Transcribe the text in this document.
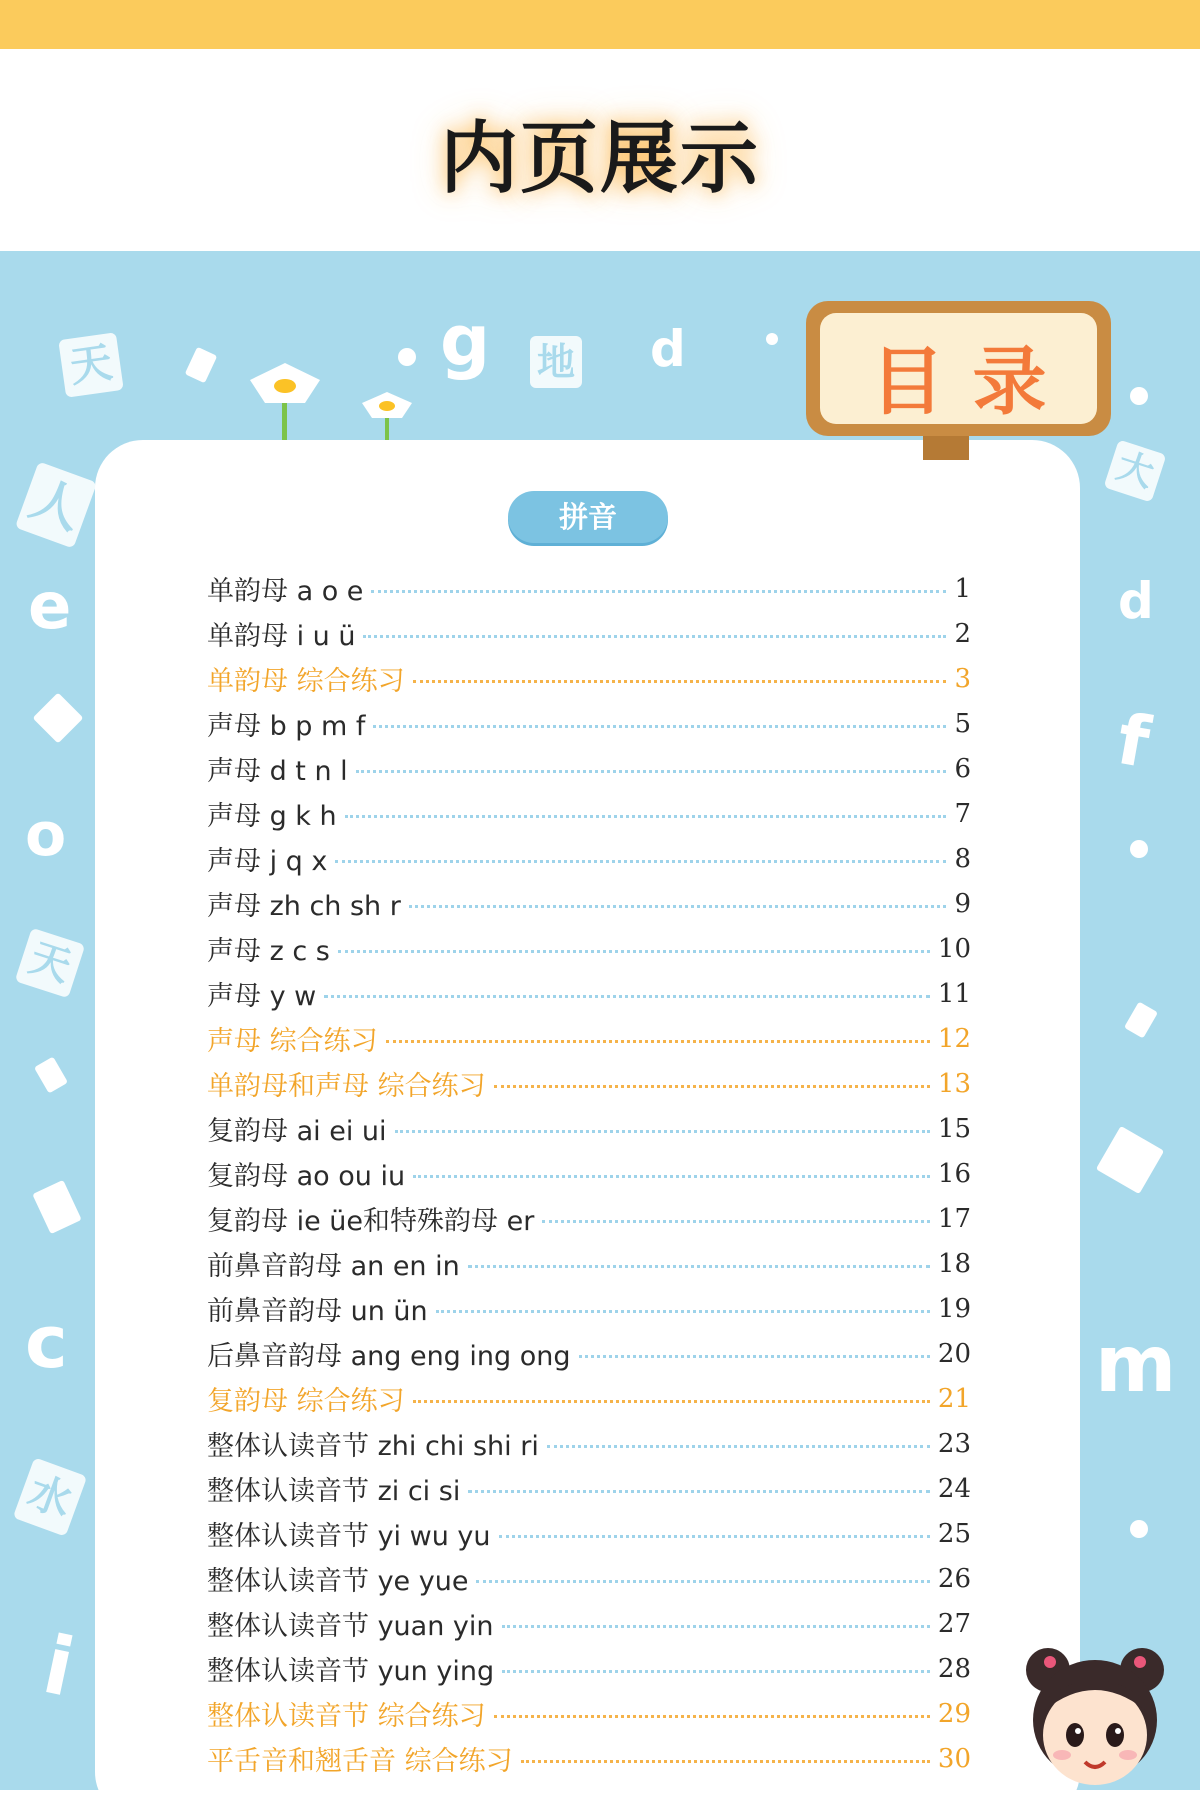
内页展示
g	d
e
o
c
i
d
f
m
天	地
人
天
水
大
目录
拼音
单韵母 a o e	1
单韵母 i u ü	2
单韵母 综合练习	3
声母 b p m f	5
声母 d t n l	6
声母 g k h	7
声母 j q x	8
声母 zh ch sh r	9
声母 z c s	10
声母 y w	11
声母 综合练习	12
单韵母和声母 综合练习	13
复韵母 ai ei ui	15
复韵母 ao ou iu	16
复韵母 ie üe和特殊韵母 er	17
前鼻音韵母 an en in	18
前鼻音韵母 un ün	19
后鼻音韵母 ang eng ing ong	20
复韵母 综合练习	21
整体认读音节 zhi chi shi ri	23
整体认读音节 zi ci si	24
整体认读音节 yi wu yu	25
整体认读音节 ye yue	26
整体认读音节 yuan yin	27
整体认读音节 yun ying	28
整体认读音节 综合练习	29
平舌音和翘舌音 综合练习	30
